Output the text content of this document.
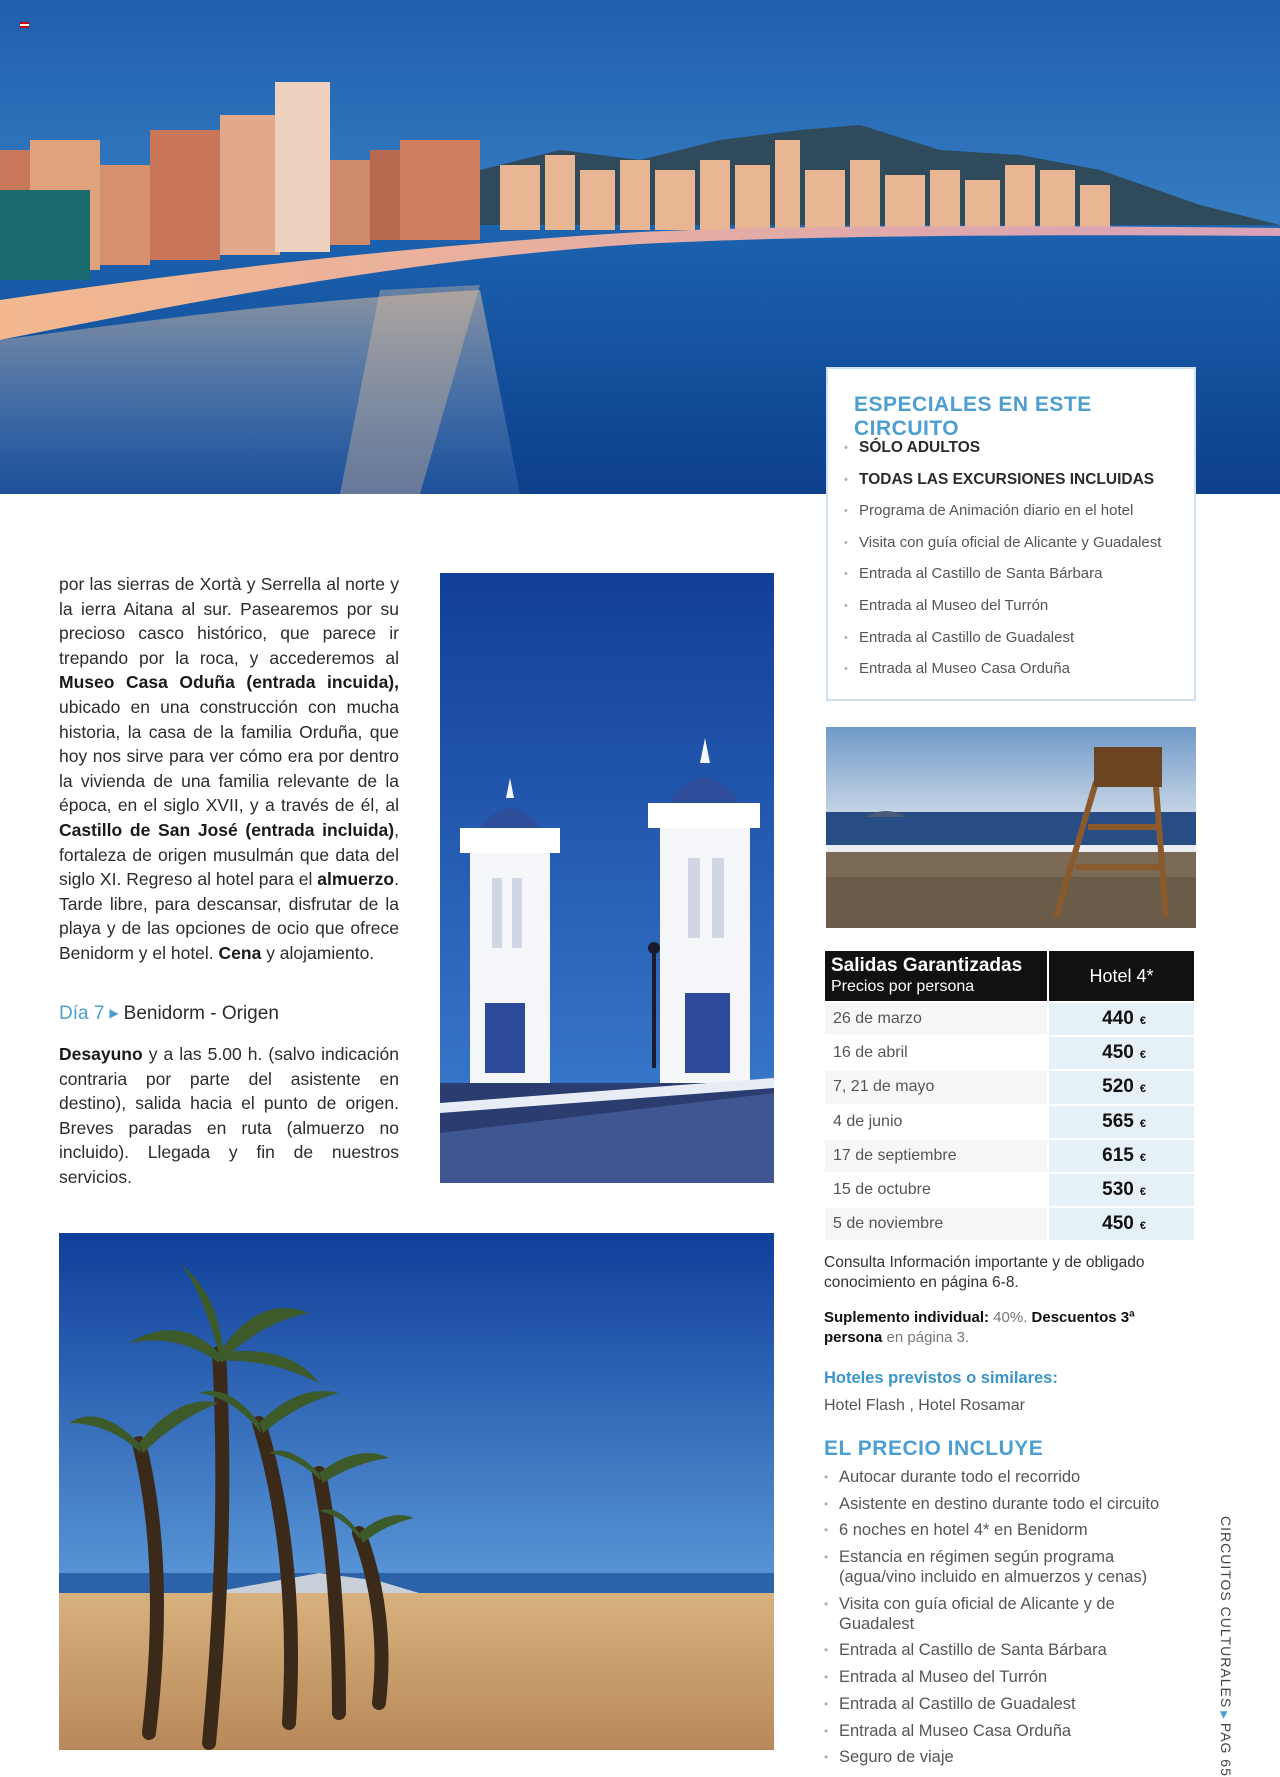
ESPECIALES EN ESTE CIRCUITO
• SÓLO ADULTOS
• TODAS LAS EXCURSIONES INCLUIDAS
• Programa de Animación diario en el hotel
• Visita con guía oficial de Alicante y Guadalest
• Entrada al Castillo de Santa Bárbara
• Entrada al Museo del Turrón
• Entrada al Castillo de Guadalest
• Entrada al Museo Casa Orduña

por las sierras de Xortà y Serrella al norte y la ierra Aitana al sur. Pasearemos por su precioso casco histórico, que parece ir trepando por la roca, y accederemos al Museo Casa Oduña (entrada incuida), ubicado en una construcción con mucha historia, la casa de la familia Orduña, que hoy nos sirve para ver cómo era por dentro la vivienda de una familia relevante de la época, en el siglo XVII, y a través de él, al Castillo de San José (entrada incluida), fortaleza de origen musulmán que data del siglo XI. Regreso al hotel para el almuerzo. Tarde libre, para descansar, disfrutar de la playa y de las opciones de ocio que ofrece Benidorm y el hotel. Cena y alojamiento.

Día 7 ▶ Benidorm - Origen
Desayuno y a las 5.00 h. (salvo indicación contraria por parte del asistente en destino), salida hacia el punto de origen. Breves paradas en ruta (almuerzo no incluido). Llegada y fin de nuestros servicios.
Salidas Garantizadas
Precios por persona
Hotel 4*
26 de marzo	440 €
16 de abril	450 €
7, 21 de mayo	520 €
4 de junio	565 €
17 de septiembre	615 €
15 de octubre	530 €
5 de noviembre	450 €
Consulta Información importante y de obligado conocimiento en página 6-8.
Suplemento individual: 40%. Descuentos 3ª persona en página 3.
Hoteles previstos o similares:
Hotel Flash , Hotel Rosamar
EL PRECIO INCLUYE
• Autocar durante todo el recorrido
• Asistente en destino durante todo el circuito
• 6 noches en hotel 4* en Benidorm
• Estancia en régimen según programa (agua/vino incluido en almuerzos y cenas)
• Visita con guía oficial de Alicante y de Guadalest
• Entrada al Castillo de Santa Bárbara
• Entrada al Museo del Turrón
• Entrada al Castillo de Guadalest
• Entrada al Museo Casa Orduña
• Seguro de viaje
CIRCUITOS CULTURALES▶PAG 65
